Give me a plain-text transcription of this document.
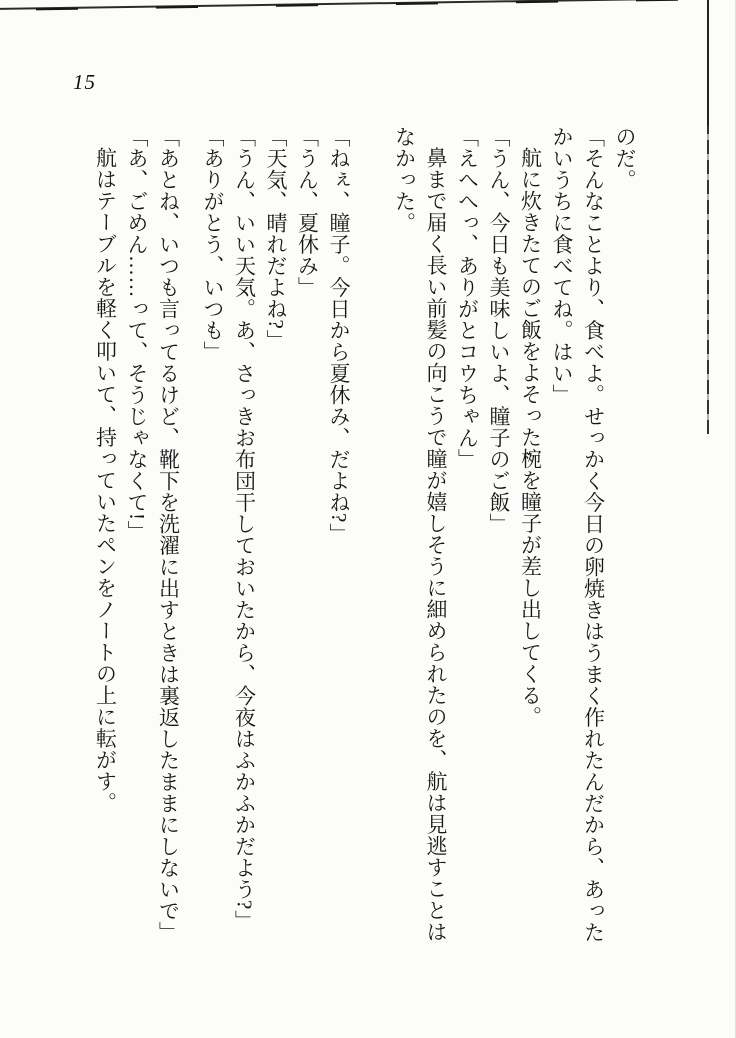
15

のだ。

「そんなことより、食べよ。せっかく今日の卵焼きはうまく作れたんだから、あった

かいうちに食べてね。はい」

航に炊きたてのご飯をよそった椀を瞳子が差し出してくる。

「うん、今日も美味しいよ、瞳子のご飯」

「えへへっ、ありがとコウちゃん」

鼻まで届く長い前髪の向こうで瞳が嬉しそうに細められたのを、航は見逃すことは

なかった。

「ねぇ、瞳子。今日から夏休み、だよね?」

「うん、夏休み」

「天気、晴れだよね?」

「うん、いい天気。あ、さっきお布団干しておいたから、今夜はふかふかだよう?」

「ありがとう、いつも」

「あとね、いつも言ってるけど、靴下を洗濯に出すときは裏返したままにしないで」

「あ、ごめん……って、そうじゃなくて!」

航はテーブルを軽く叩いて、持っていたペンをノートの上に転がす。
